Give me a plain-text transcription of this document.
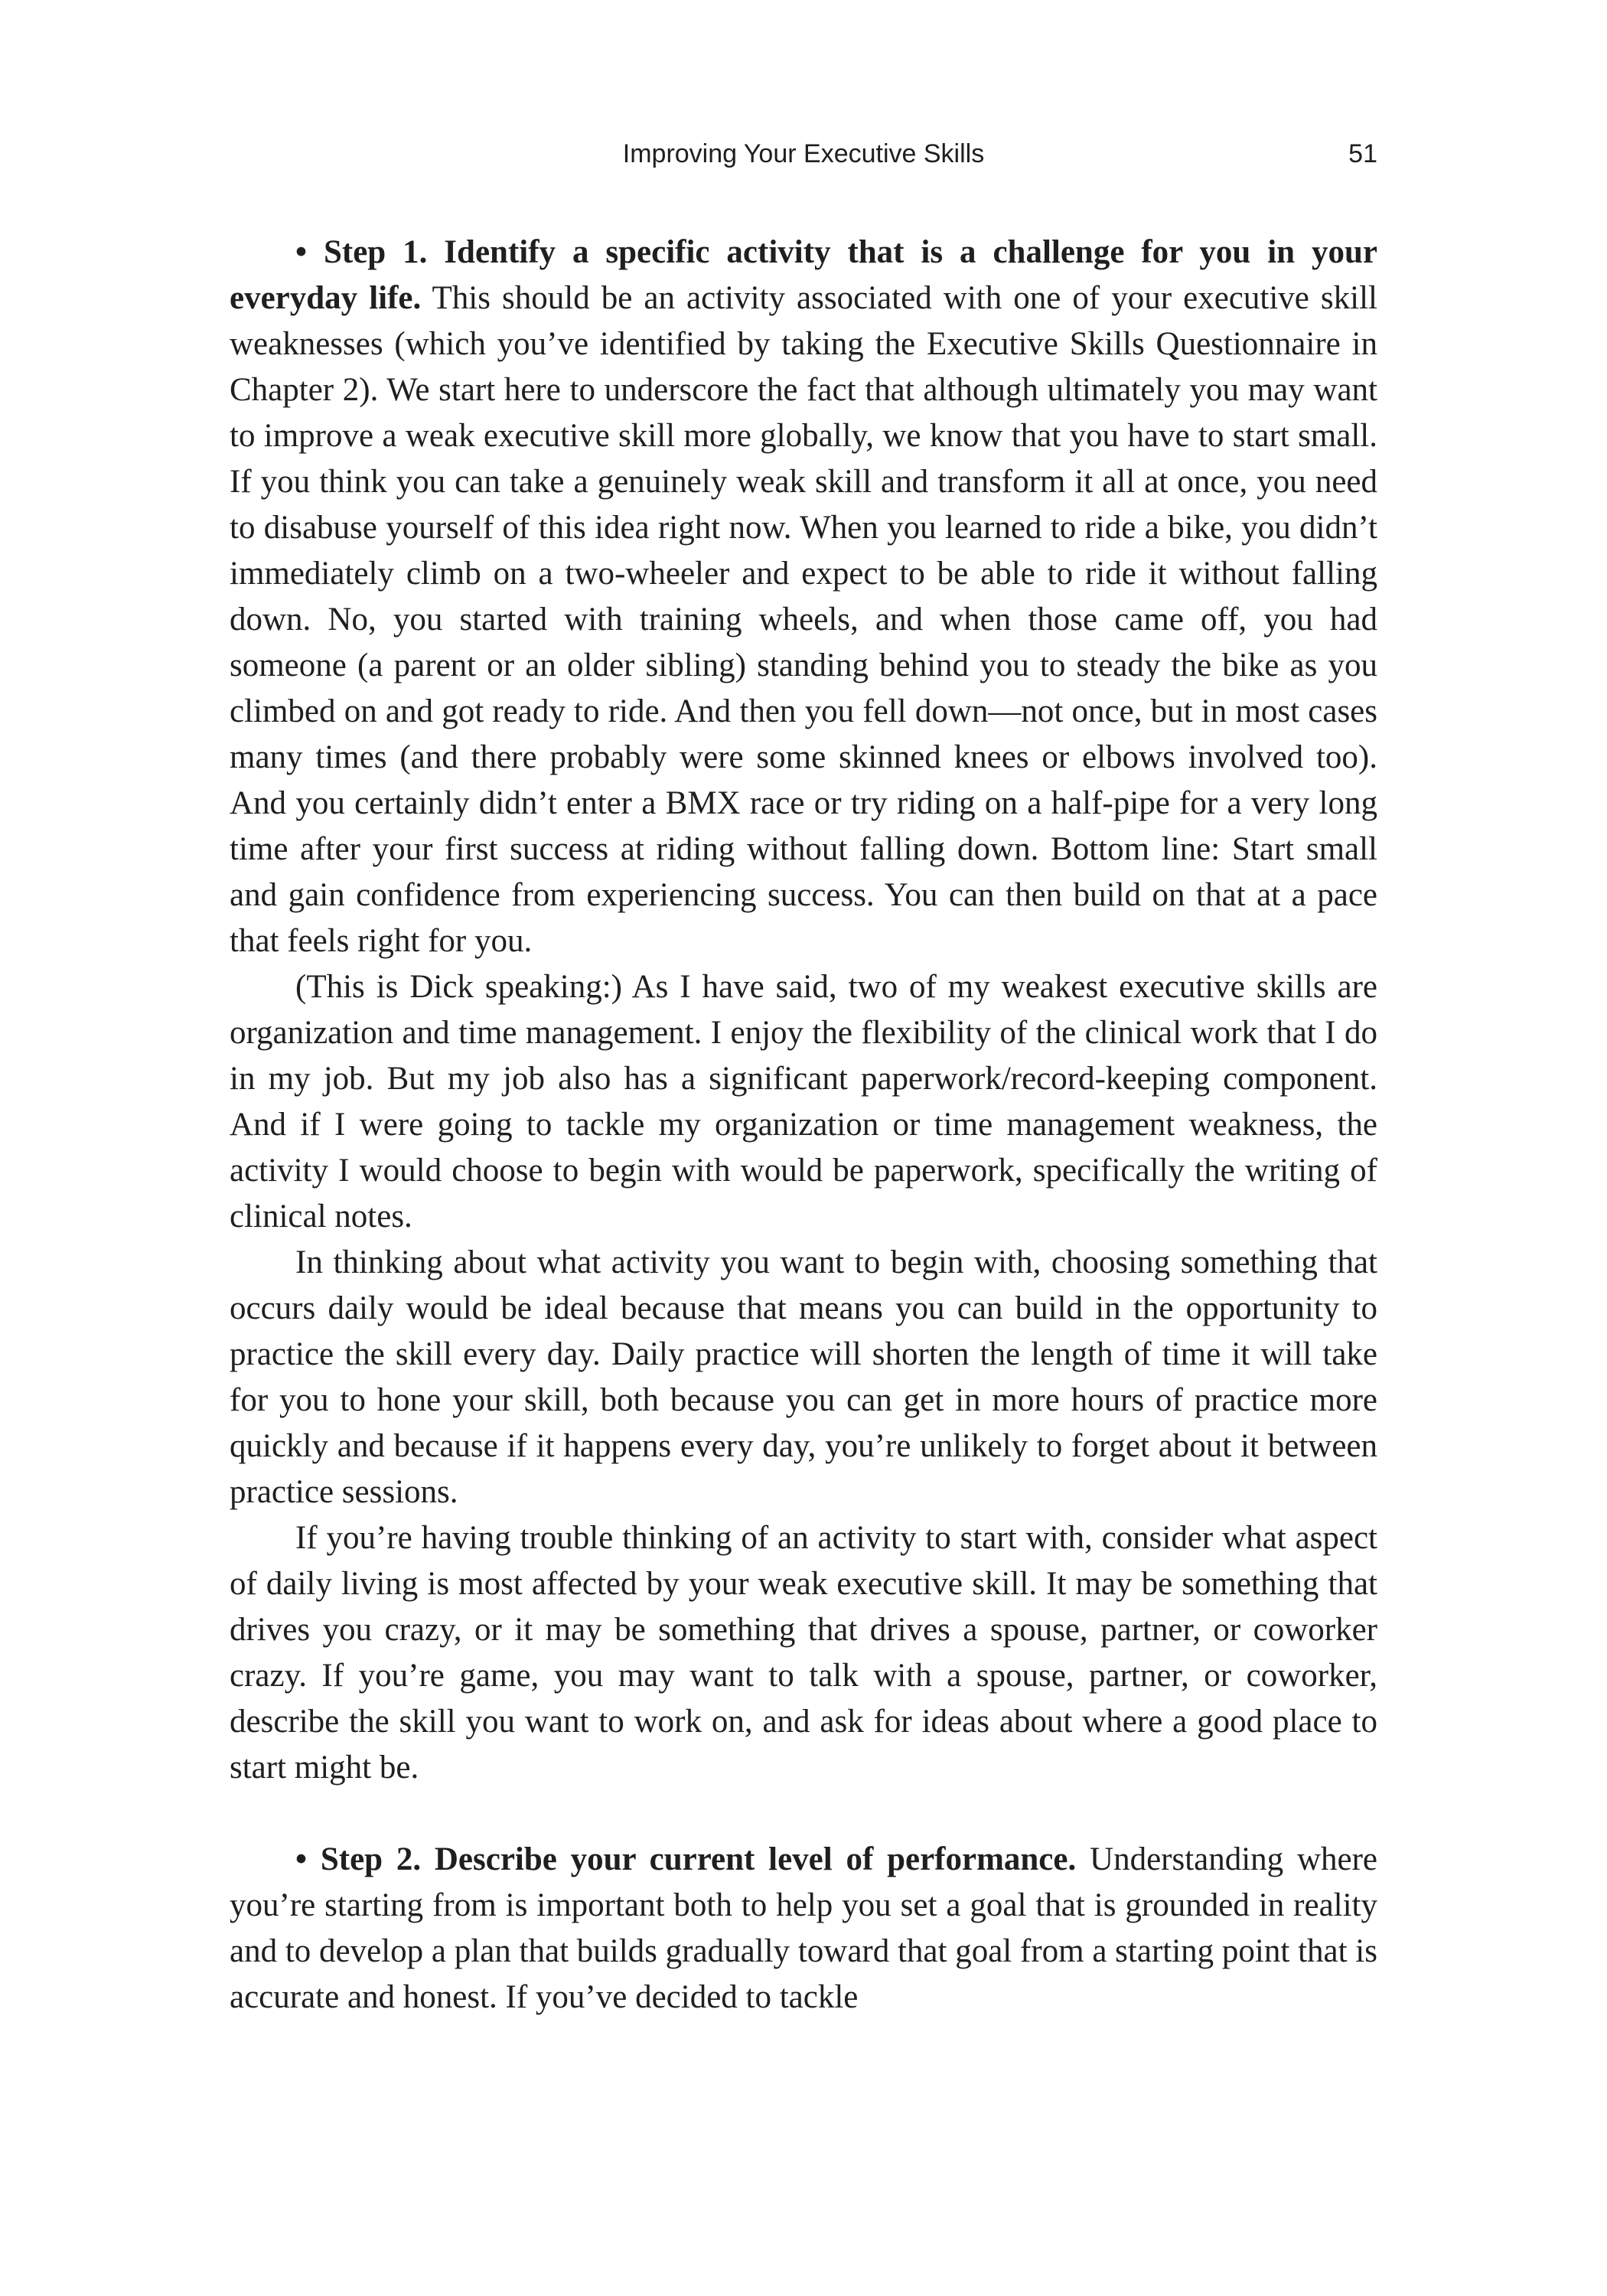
Improving Your Executive Skills	51

• Step 1. Identify a specific activity that is a challenge for you in your everyday life. This should be an activity associated with one of your executive skill weaknesses (which you’ve identified by taking the Executive Skills Questionnaire in Chapter 2). We start here to underscore the fact that although ultimately you may want to improve a weak executive skill more globally, we know that you have to start small. If you think you can take a genuinely weak skill and transform it all at once, you need to disabuse yourself of this idea right now. When you learned to ride a bike, you didn’t immediately climb on a two-wheeler and expect to be able to ride it without falling down. No, you started with training wheels, and when those came off, you had someone (a parent or an older sibling) standing behind you to steady the bike as you climbed on and got ready to ride. And then you fell down—not once, but in most cases many times (and there probably were some skinned knees or elbows involved too). And you certainly didn’t enter a BMX race or try riding on a half-pipe for a very long time after your first success at riding without falling down. Bottom line: Start small and gain confidence from experiencing success. You can then build on that at a pace that feels right for you.

(This is Dick speaking:) As I have said, two of my weakest executive skills are organization and time management. I enjoy the flexibility of the clinical work that I do in my job. But my job also has a significant paperwork/record-keeping component. And if I were going to tackle my organization or time management weakness, the activity I would choose to begin with would be paperwork, specifically the writing of clinical notes.

In thinking about what activity you want to begin with, choosing something that occurs daily would be ideal because that means you can build in the opportunity to practice the skill every day. Daily practice will shorten the length of time it will take for you to hone your skill, both because you can get in more hours of practice more quickly and because if it happens every day, you’re unlikely to forget about it between practice sessions.

If you’re having trouble thinking of an activity to start with, consider what aspect of daily living is most affected by your weak executive skill. It may be something that drives you crazy, or it may be something that drives a spouse, partner, or coworker crazy. If you’re game, you may want to talk with a spouse, partner, or coworker, describe the skill you want to work on, and ask for ideas about where a good place to start might be.

• Step 2. Describe your current level of performance. Understanding where you’re starting from is important both to help you set a goal that is grounded in reality and to develop a plan that builds gradually toward that goal from a starting point that is accurate and honest. If you’ve decided to tackle
